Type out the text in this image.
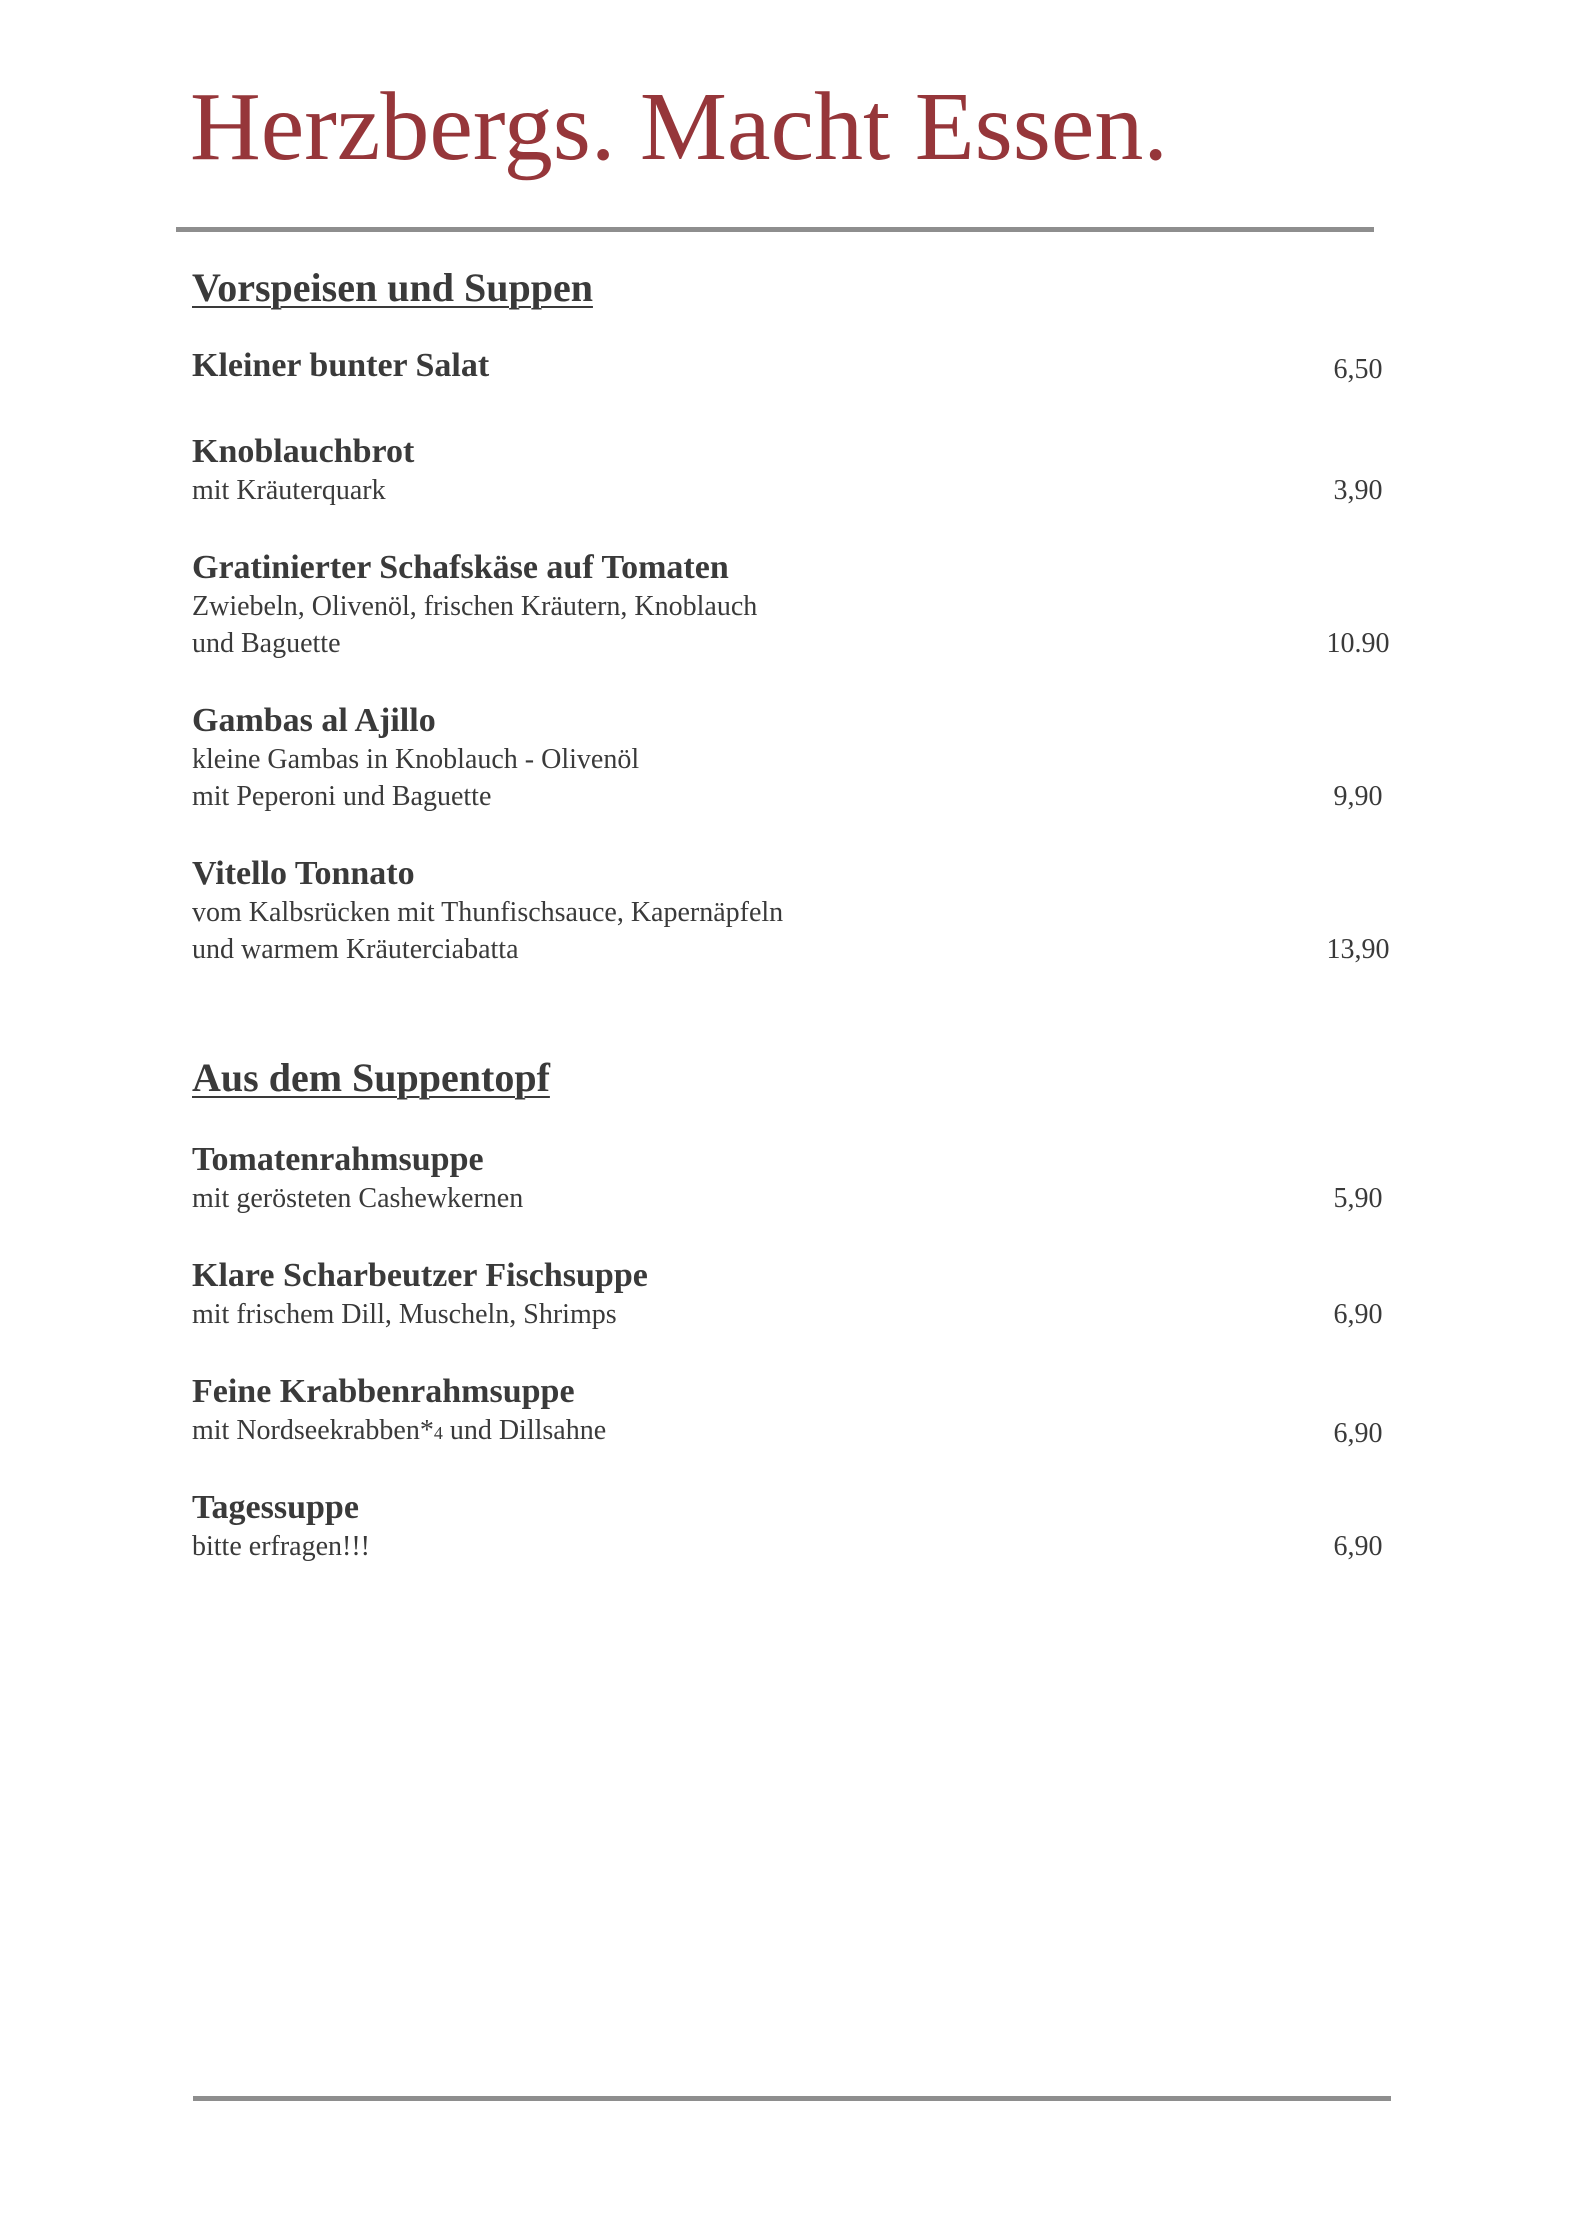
Herzbergs. Macht Essen.
Vorspeisen und Suppen
Kleiner bunter Salat	6,50
Knoblauchbrot
mit Kräuterquark	3,90
Gratinierter Schafskäse auf Tomaten
Zwiebeln, Olivenöl, frischen Kräutern, Knoblauch
und Baguette	10.90
Gambas al Ajillo
kleine Gambas in Knoblauch - Olivenöl
mit Peperoni und Baguette	9,90
Vitello Tonnato
vom Kalbsrücken mit Thunfischsauce, Kapernäpfeln
und warmem Kräuterciabatta	13,90
Aus dem Suppentopf
Tomatenrahmsuppe
mit gerösteten Cashewkernen	5,90
Klare Scharbeutzer Fischsuppe
mit frischem Dill, Muscheln, Shrimps	6,90
Feine Krabbenrahmsuppe
mit Nordseekrabben*4 und Dillsahne	6,90
Tagessuppe
bitte erfragen!!!	6,90
